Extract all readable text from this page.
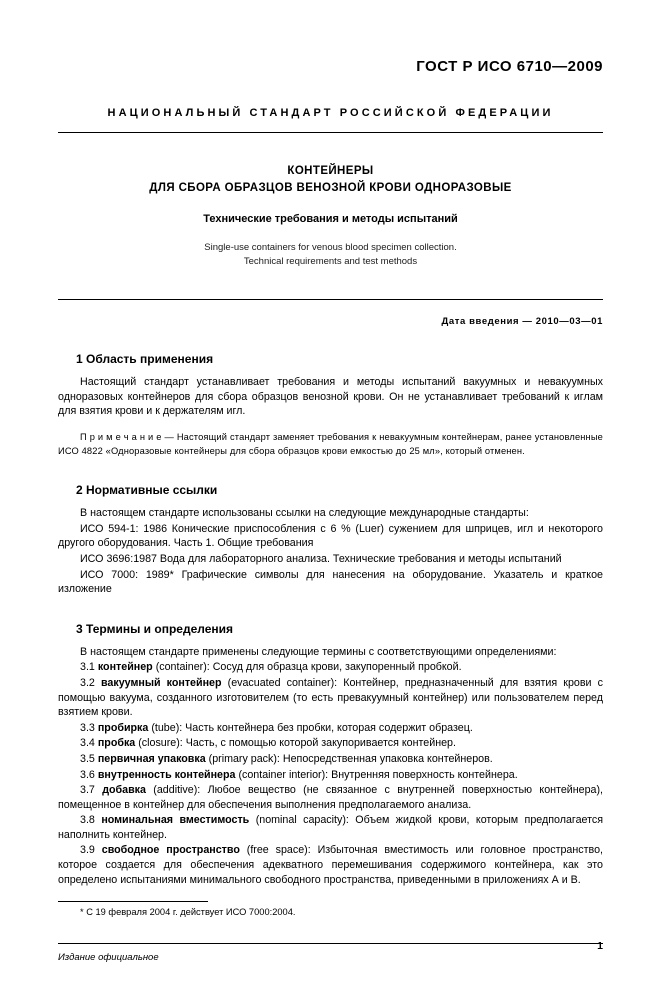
ГОСТ Р ИСО 6710—2009
НАЦИОНАЛЬНЫЙ СТАНДАРТ РОССИЙСКОЙ ФЕДЕРАЦИИ
КОНТЕЙНЕРЫ
ДЛЯ СБОРА ОБРАЗЦОВ ВЕНОЗНОЙ КРОВИ ОДНОРАЗОВЫЕ
Технические требования и методы испытаний
Single-use containers for venous blood specimen collection.
Technical requirements and test methods
Дата введения — 2010—03—01
1 Область применения

Настоящий стандарт устанавливает требования и методы испытаний вакуумных и невакуумных одноразовых контейнеров для сбора образцов венозной крови. Он не устанавливает требований к иглам для взятия крови и к держателям игл.

П р и м е ч а н и е — Настоящий стандарт заменяет требования к невакуумным контейнерам, ранее установленные ИСО 4822 «Одноразовые контейнеры для сбора образцов крови емкостью до 25 мл», который отменен.

2 Нормативные ссылки

В настоящем стандарте использованы ссылки на следующие международные стандарты:

ИСО 594-1: 1986 Конические приспособления с 6 % (Luer) сужением для шприцев, игл и некоторого другого оборудования. Часть 1. Общие требования

ИСО 3696:1987 Вода для лабораторного анализа. Технические требования и методы испытаний

ИСО 7000: 1989* Графические символы для нанесения на оборудование. Указатель и краткое изложение

3 Термины и определения

В настоящем стандарте применены следующие термины с соответствующими определениями:

3.1 контейнер (container): Сосуд для образца крови, закупоренный пробкой.

3.2 вакуумный контейнер (evacuated container): Контейнер, предназначенный для взятия крови с помощью вакуума, созданного изготовителем (то есть превакуумный контейнер) или пользователем перед взятием крови.

3.3 пробирка (tube): Часть контейнера без пробки, которая содержит образец.

3.4 пробка (closure): Часть, с помощью которой закупоривается контейнер.

3.5 первичная упаковка (primary pack): Непосредственная упаковка контейнеров.

3.6 внутренность контейнера (container interior): Внутренняя поверхность контейнера.

3.7 добавка (additive): Любое вещество (не связанное с внутренней поверхностью контейнера), помещенное в контейнер для обеспечения выполнения предполагаемого анализа.

3.8 номинальная вместимость (nominal capacity): Объем жидкой крови, которым предполагается наполнить контейнер.

3.9 свободное пространство (free space): Избыточная вместимость или головное пространство, которое создается для обеспечения адекватного перемешивания содержимого контейнера, как это определено испытаниями минимального свободного пространства, приведенными в приложениях А и В.

* С 19 февраля 2004 г. действует ИСО 7000:2004.
Издание официальное
1
